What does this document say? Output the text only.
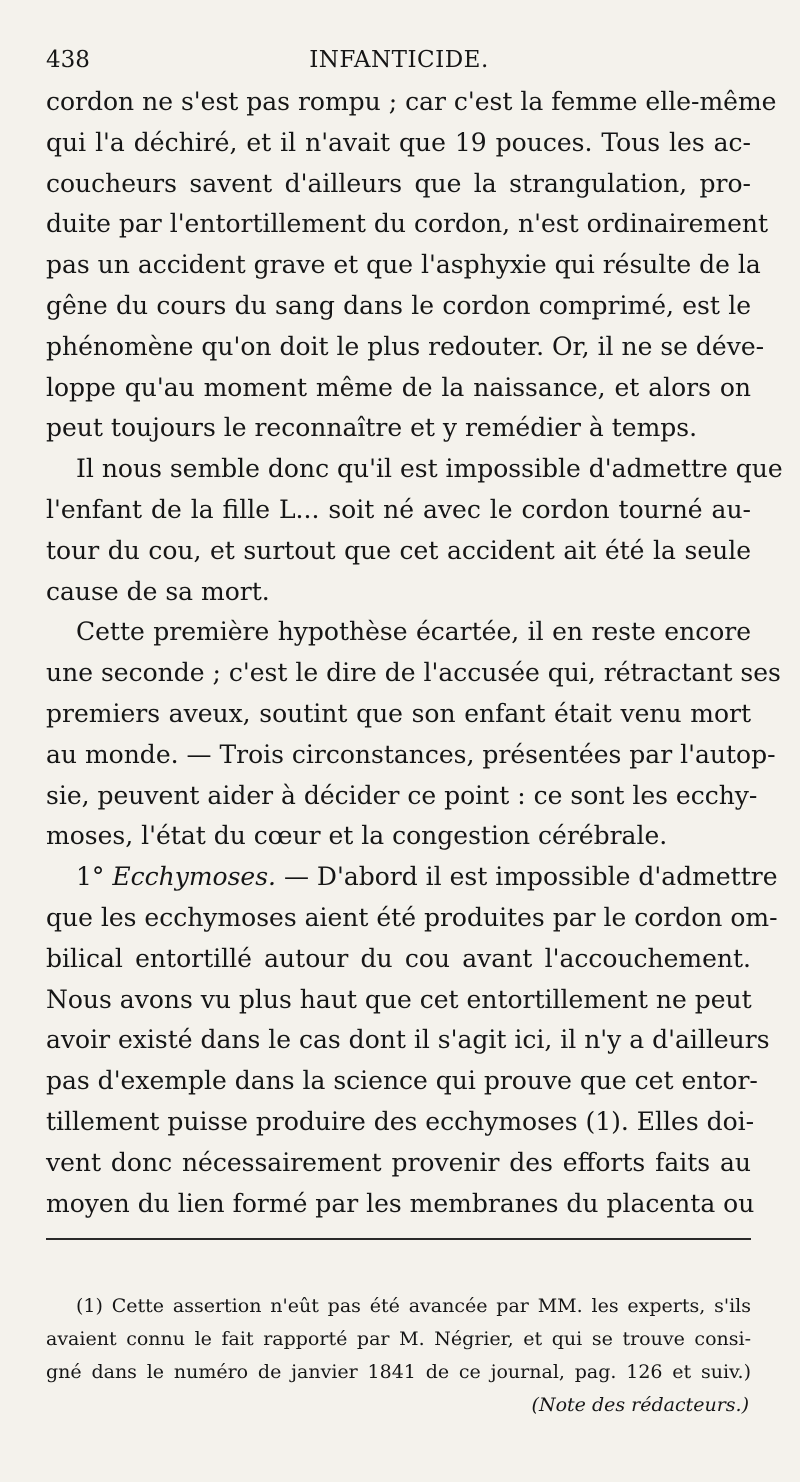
438	INFANTICIDE.
cordon ne s'est pas rompu ; car c'est la femme elle-même
qui l'a déchiré, et il n'avait que 19 pouces. Tous les ac-
coucheurs savent d'ailleurs que la strangulation, pro-
duite par l'entortillement du cordon, n'est ordinairement
pas un accident grave et que l'asphyxie qui résulte de la
gêne du cours du sang dans le cordon comprimé, est le
phénomène qu'on doit le plus redouter. Or, il ne se déve-
loppe qu'au moment même de la naissance, et alors on
peut toujours le reconnaître et y remédier à temps.
Il nous semble donc qu'il est impossible d'admettre que
l'enfant de la fille L... soit né avec le cordon tourné au-
tour du cou, et surtout que cet accident ait été la seule
cause de sa mort.
Cette première hypothèse écartée, il en reste encore
une seconde ; c'est le dire de l'accusée qui, rétractant ses
premiers aveux, soutint que son enfant était venu mort
au monde. — Trois circonstances, présentées par l'autop-
sie, peuvent aider à décider ce point : ce sont les ecchy-
moses, l'état du cœur et la congestion cérébrale.
1° Ecchymoses. — D'abord il est impossible d'admettre
que les ecchymoses aient été produites par le cordon om-
bilical entortillé autour du cou avant l'accouchement.
Nous avons vu plus haut que cet entortillement ne peut
avoir existé dans le cas dont il s'agit ici, il n'y a d'ailleurs
pas d'exemple dans la science qui prouve que cet entor-
tillement puisse produire des ecchymoses (1). Elles doi-
vent donc nécessairement provenir des efforts faits au
moyen du lien formé par les membranes du placenta ou
(1) Cette assertion n'eût pas été avancée par MM. les experts, s'ils
avaient connu le fait rapporté par M. Négrier, et qui se trouve consi-
gné dans le numéro de janvier 1841 de ce journal, pag. 126 et suiv.)
(Note des rédacteurs.)
